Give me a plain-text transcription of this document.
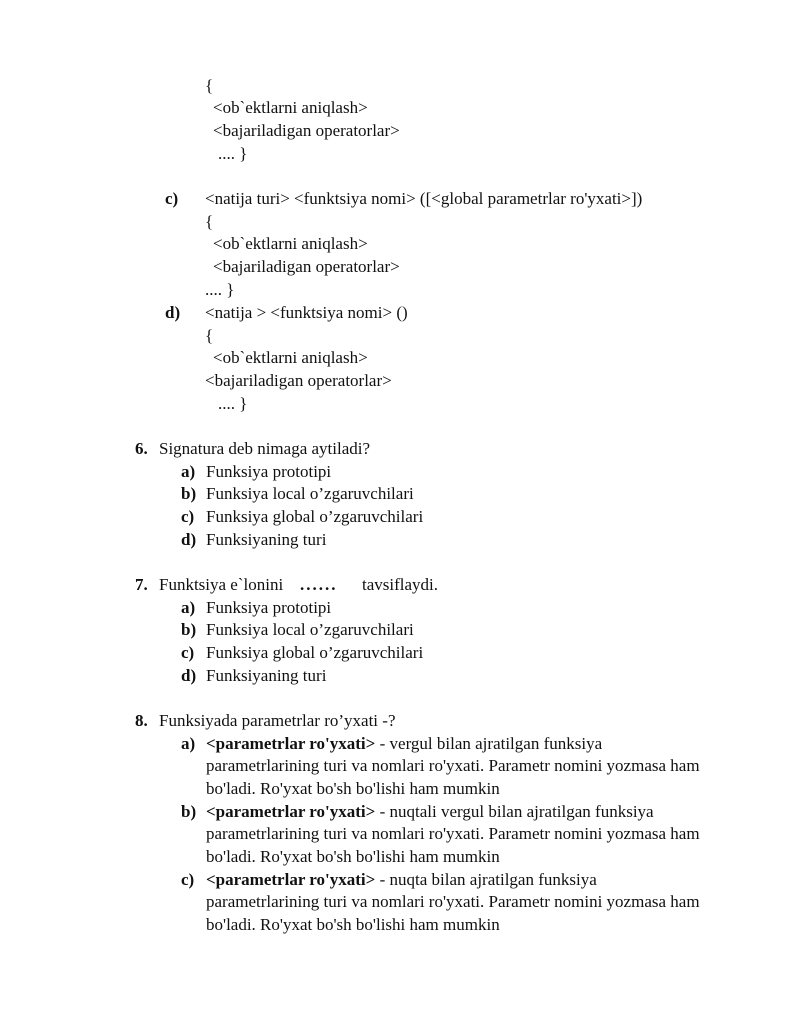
{
<ob`ektlarni aniqlash>
<bajariladigan operatorlar>
.... }
c) <natija turi> <funktsiya nomi> ([<global parametrlar ro'yxati>])
{
<ob`ektlarni aniqlash>
<bajariladigan operatorlar>
.... }
d) <natija > <funktsiya nomi> ()
{
<ob`ektlarni aniqlash>
<bajariladigan operatorlar>
.... }
6. Signatura deb nimaga aytiladi?
a) Funksiya prototipi
b) Funksiya local o’zgaruvchilari
c) Funksiya global o’zgaruvchilari
d) Funksiyaning turi
7. Funktsiya e`lonini ...... tavsiflaydi.
a) Funksiya prototipi
b) Funksiya local o’zgaruvchilari
c) Funksiya global o’zgaruvchilari
d) Funksiyaning turi
8. Funksiyada parametrlar ro’yxati -?
a) <parametrlar ro'yxati> - vergul bilan ajratilgan funksiya
parametrlarining turi va nomlari ro'yxati. Parametr nomini yozmasa ham
bo'ladi. Ro'yxat bo'sh bo'lishi ham mumkin
b) <parametrlar ro'yxati> - nuqtali vergul bilan ajratilgan funksiya
parametrlarining turi va nomlari ro'yxati. Parametr nomini yozmasa ham
bo'ladi. Ro'yxat bo'sh bo'lishi ham mumkin
c) <parametrlar ro'yxati> - nuqta bilan ajratilgan funksiya
parametrlarining turi va nomlari ro'yxati. Parametr nomini yozmasa ham
bo'ladi. Ro'yxat bo'sh bo'lishi ham mumkin
